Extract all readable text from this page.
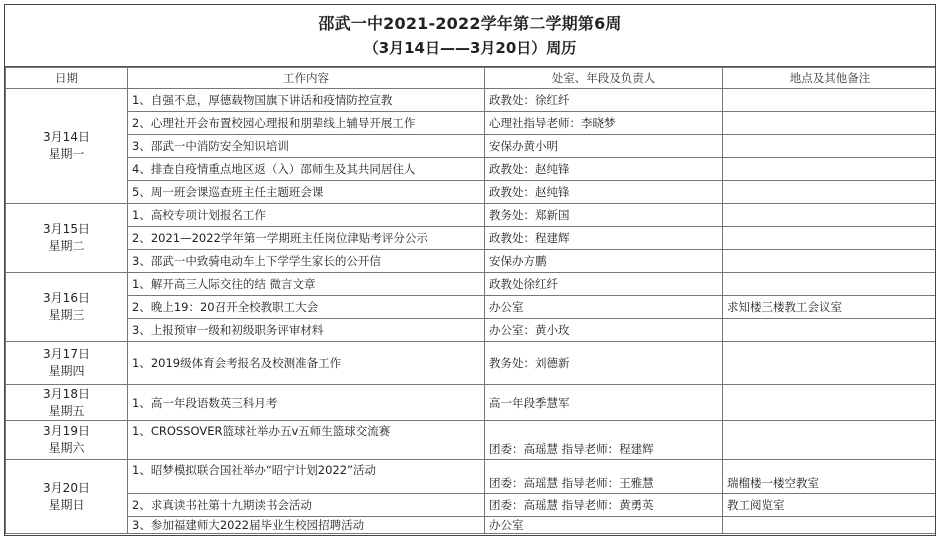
邵武一中2021-2022学年第二学期第6周
（3月14日——3月20日）周历
日期	工作内容	处室、年段及负责人	地点及其他备注

3月14日
星期一	1、自强不息，厚德载物国旗下讲话和疫情防控宣教	政教处：徐红纤	
	2、心理社开会布置校园心理报和朋辈线上辅导开展工作	心理社指导老师：李晓梦	
	3、邵武一中消防安全知识培训	安保办黄小明	
	4、排查自疫情重点地区返（入）邵师生及其共同居住人	政教处：赵纯锋	
	5、周一班会课巡查班主任主题班会课	政教处：赵纯锋	

3月15日
星期二	1、高校专项计划报名工作	教务处：郑新国	
	2、2021—2022学年第一学期班主任岗位津贴考评分公示	政教处：程建辉	
	3、邵武一中致骑电动车上下学学生家长的公开信	安保办方鹏	

3月16日
星期三	1、解开高三人际交往的结 微言文章	政教处徐红纤	
	2、晚上19：20召开全校教职工大会	办公室	求知楼三楼教工会议室
	3、上报预审一级和初级职务评审材料	办公室：黄小玫	

3月17日
星期四	1、2019级体育会考报名及校测准备工作	教务处：刘德新	

3月18日
星期五	1、高一年段语数英三科月考	高一年段季慧军	

3月19日
星期六	1、CROSSOVER篮球社举办五v五师生篮球交流赛	团委：高瑶慧 指导老师：程建辉	

3月20日
星期日	1、昭梦模拟联合国社举办“昭宁计划2022”活动	团委：高瑶慧 指导老师：王雅慧	瑞榴楼一楼空教室
	2、求真读书社第十九期读书会活动	团委：高瑶慧 指导老师：黄勇英	教工阅览室
	3、参加福建师大2022届毕业生校园招聘活动	办公室	
